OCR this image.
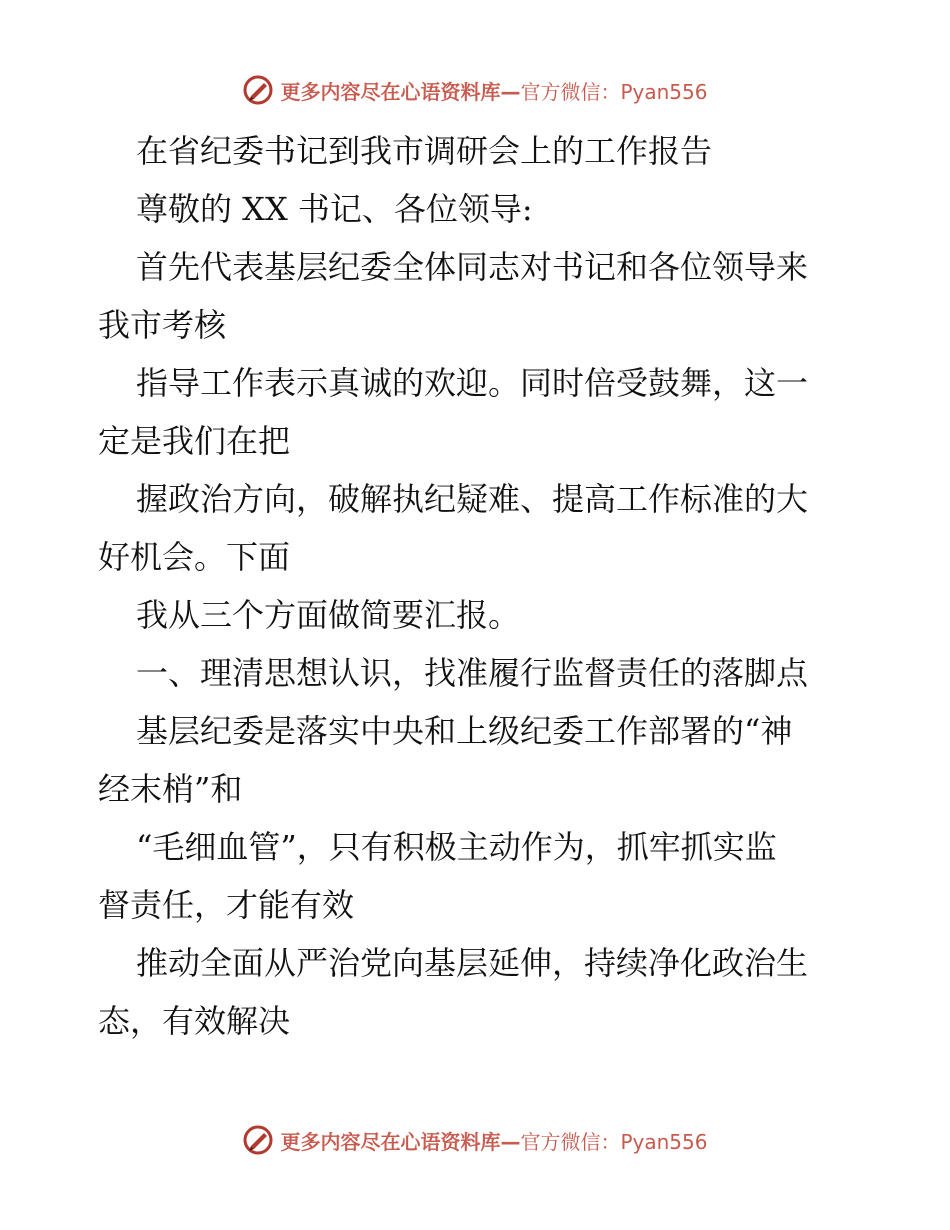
更多内容尽在心语资料库—官方微信：Pyan556

在省纪委书记到我市调研会上的工作报告

尊敬的 XX 书记、各位领导:

首先代表基层纪委全体同志对书记和各位领导来

我市考核

指导工作表示真诚的欢迎。同时倍受鼓舞，这一

定是我们在把

握政治方向，破解执纪疑难、提高工作标准的大

好机会。下面

我从三个方面做简要汇报。

一、理清思想认识，找准履行监督责任的落脚点

基层纪委是落实中央和上级纪委工作部署的“神

经末梢”和

“毛细血管”，只有积极主动作为，抓牢抓实监

督责任，才能有效

推动全面从严治党向基层延伸，持续净化政治生

态，有效解决

更多内容尽在心语资料库—官方微信：Pyan556
